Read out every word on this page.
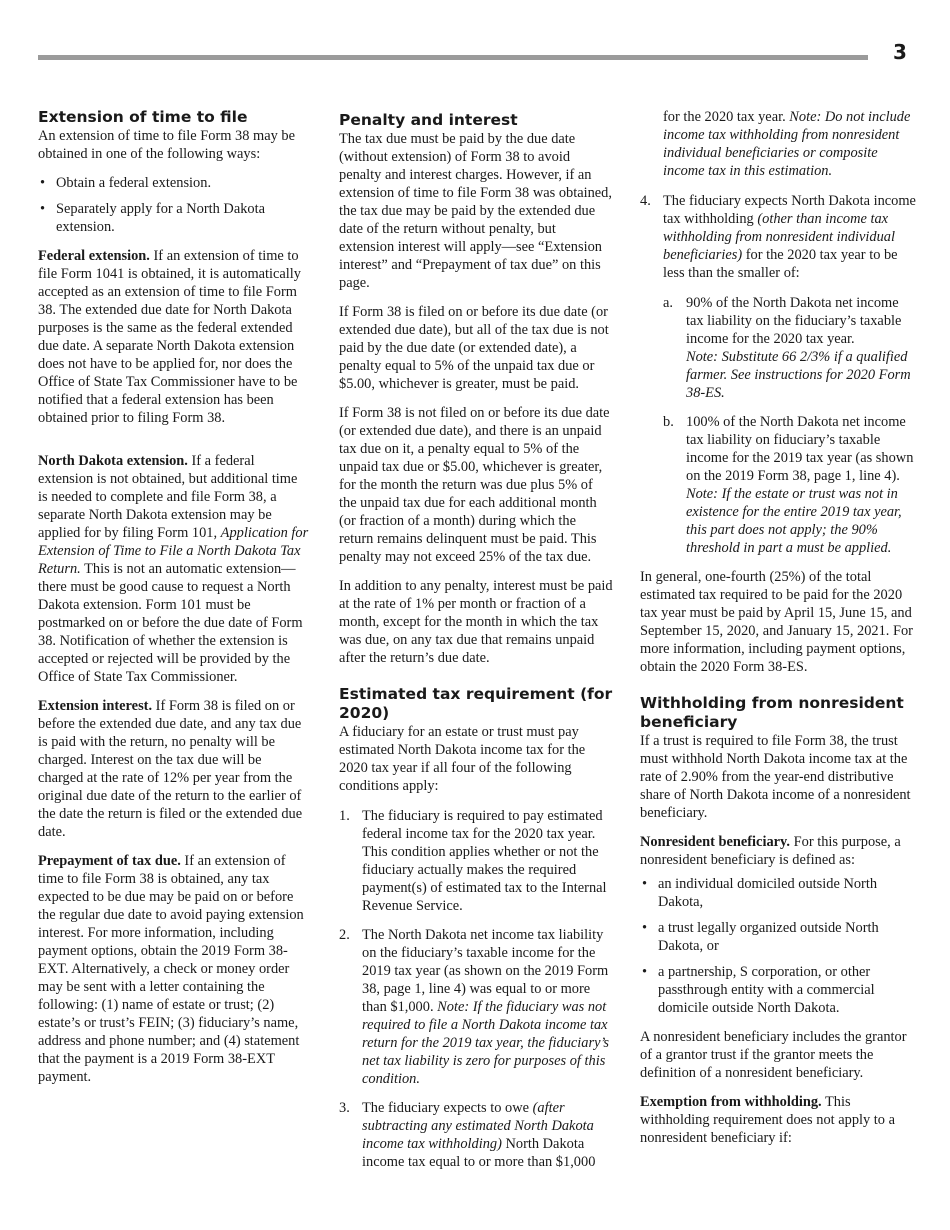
3
Extension of time to file

An extension of time to file Form 38 may be obtained in one of the following ways:

• Obtain a federal extension.
• Separately apply for a North Dakota extension.

Federal extension. If an extension of time to file Form 1041 is obtained, it is automatically accepted as an extension of time to file Form 38. The extended due date for North Dakota purposes is the same as the federal extended due date. A separate North Dakota extension does not have to be applied for, nor does the Office of State Tax Commissioner have to be notified that a federal extension has been obtained prior to filing Form 38.

North Dakota extension. If a federal extension is not obtained, but additional time is needed to complete and file Form 38, a separate North Dakota extension may be applied for by filing Form 101, Application for Extension of Time to File a North Dakota Tax Return. This is not an automatic extension—there must be good cause to request a North Dakota extension. Form 101 must be postmarked on or before the due date of Form 38. Notification of whether the extension is accepted or rejected will be provided by the Office of State Tax Commissioner.

Extension interest. If Form 38 is filed on or before the extended due date, and any tax due is paid with the return, no penalty will be charged. Interest on the tax due will be charged at the rate of 12% per year from the original due date of the return to the earlier of the date the return is filed or the extended due date.

Prepayment of tax due. If an extension of time to file Form 38 is obtained, any tax expected to be due may be paid on or before the regular due date to avoid paying extension interest. For more information, including payment options, obtain the 2019 Form 38-EXT. Alternatively, a check or money order may be sent with a letter containing the following: (1) name of estate or trust; (2) estate’s or trust’s FEIN; (3) fiduciary’s name, address and phone number; and (4) statement that the payment is a 2019 Form 38-EXT payment.

Penalty and interest

The tax due must be paid by the due date (without extension) of Form 38 to avoid penalty and interest charges. However, if an extension of time to file Form 38 was obtained, the tax due may be paid by the extended due date of the return without penalty, but extension interest will apply—see “Extension interest” and “Prepayment of tax due” on this page.

If Form 38 is filed on or before its due date (or extended due date), but all of the tax due is not paid by the due date (or extended date), a penalty equal to 5% of the unpaid tax due or $5.00, whichever is greater, must be paid.

If Form 38 is not filed on or before its due date (or extended due date), and there is an unpaid tax due on it, a penalty equal to 5% of the unpaid tax due or $5.00, whichever is greater, for the month the return was due plus 5% of the unpaid tax due for each additional month (or fraction of a month) during which the return remains delinquent must be paid. This penalty may not exceed 25% of the tax due.

In addition to any penalty, interest must be paid at the rate of 1% per month or fraction of a month, except for the month in which the tax was due, on any tax due that remains unpaid after the return’s due date.

Estimated tax requirement (for 2020)

A fiduciary for an estate or trust must pay estimated North Dakota income tax for the 2020 tax year if all four of the following conditions apply:

1. The fiduciary is required to pay estimated federal income tax for the 2020 tax year. This condition applies whether or not the fiduciary actually makes the required payment(s) of estimated tax to the Internal Revenue Service.
2. The North Dakota net income tax liability on the fiduciary’s taxable income for the 2019 tax year (as shown on the 2019 Form 38, page 1, line 4) was equal to or more than $1,000. Note: If the fiduciary was not required to file a North Dakota income tax return for the 2019 tax year, the fiduciary’s net tax liability is zero for purposes of this condition.
3. The fiduciary expects to owe (after subtracting any estimated North Dakota income tax withholding) North Dakota income tax equal to or more than $1,000

for the 2020 tax year. Note: Do not include income tax withholding from nonresident individual beneficiaries or composite income tax in this estimation.

4. The fiduciary expects North Dakota income tax withholding (other than income tax withholding from nonresident individual beneficiaries) for the 2020 tax year to be less than the smaller of:
a. 90% of the North Dakota net income tax liability on the fiduciary’s taxable income for the 2020 tax year.
Note: Substitute 66 2/3% if a qualified farmer. See instructions for 2020 Form 38-ES.
b. 100% of the North Dakota net income tax liability on fiduciary’s taxable income for the 2019 tax year (as shown on the 2019 Form 38, page 1, line 4). Note: If the estate or trust was not in existence for the entire 2019 tax year, this part does not apply; the 90% threshold in part a must be applied.

In general, one-fourth (25%) of the total estimated tax required to be paid for the 2020 tax year must be paid by April 15, June 15, and September 15, 2020, and January 15, 2021. For more information, including payment options, obtain the 2020 Form 38-ES.

Withholding from nonresident beneficiary

If a trust is required to file Form 38, the trust must withhold North Dakota income tax at the rate of 2.90% from the year-end distributive share of North Dakota income of a nonresident beneficiary.

Nonresident beneficiary. For this purpose, a nonresident beneficiary is defined as:

• an individual domiciled outside North Dakota,
• a trust legally organized outside North Dakota, or
• a partnership, S corporation, or other passthrough entity with a commercial domicile outside North Dakota.

A nonresident beneficiary includes the grantor of a grantor trust if the grantor meets the definition of a nonresident beneficiary.

Exemption from withholding. This withholding requirement does not apply to a nonresident beneficiary if:
